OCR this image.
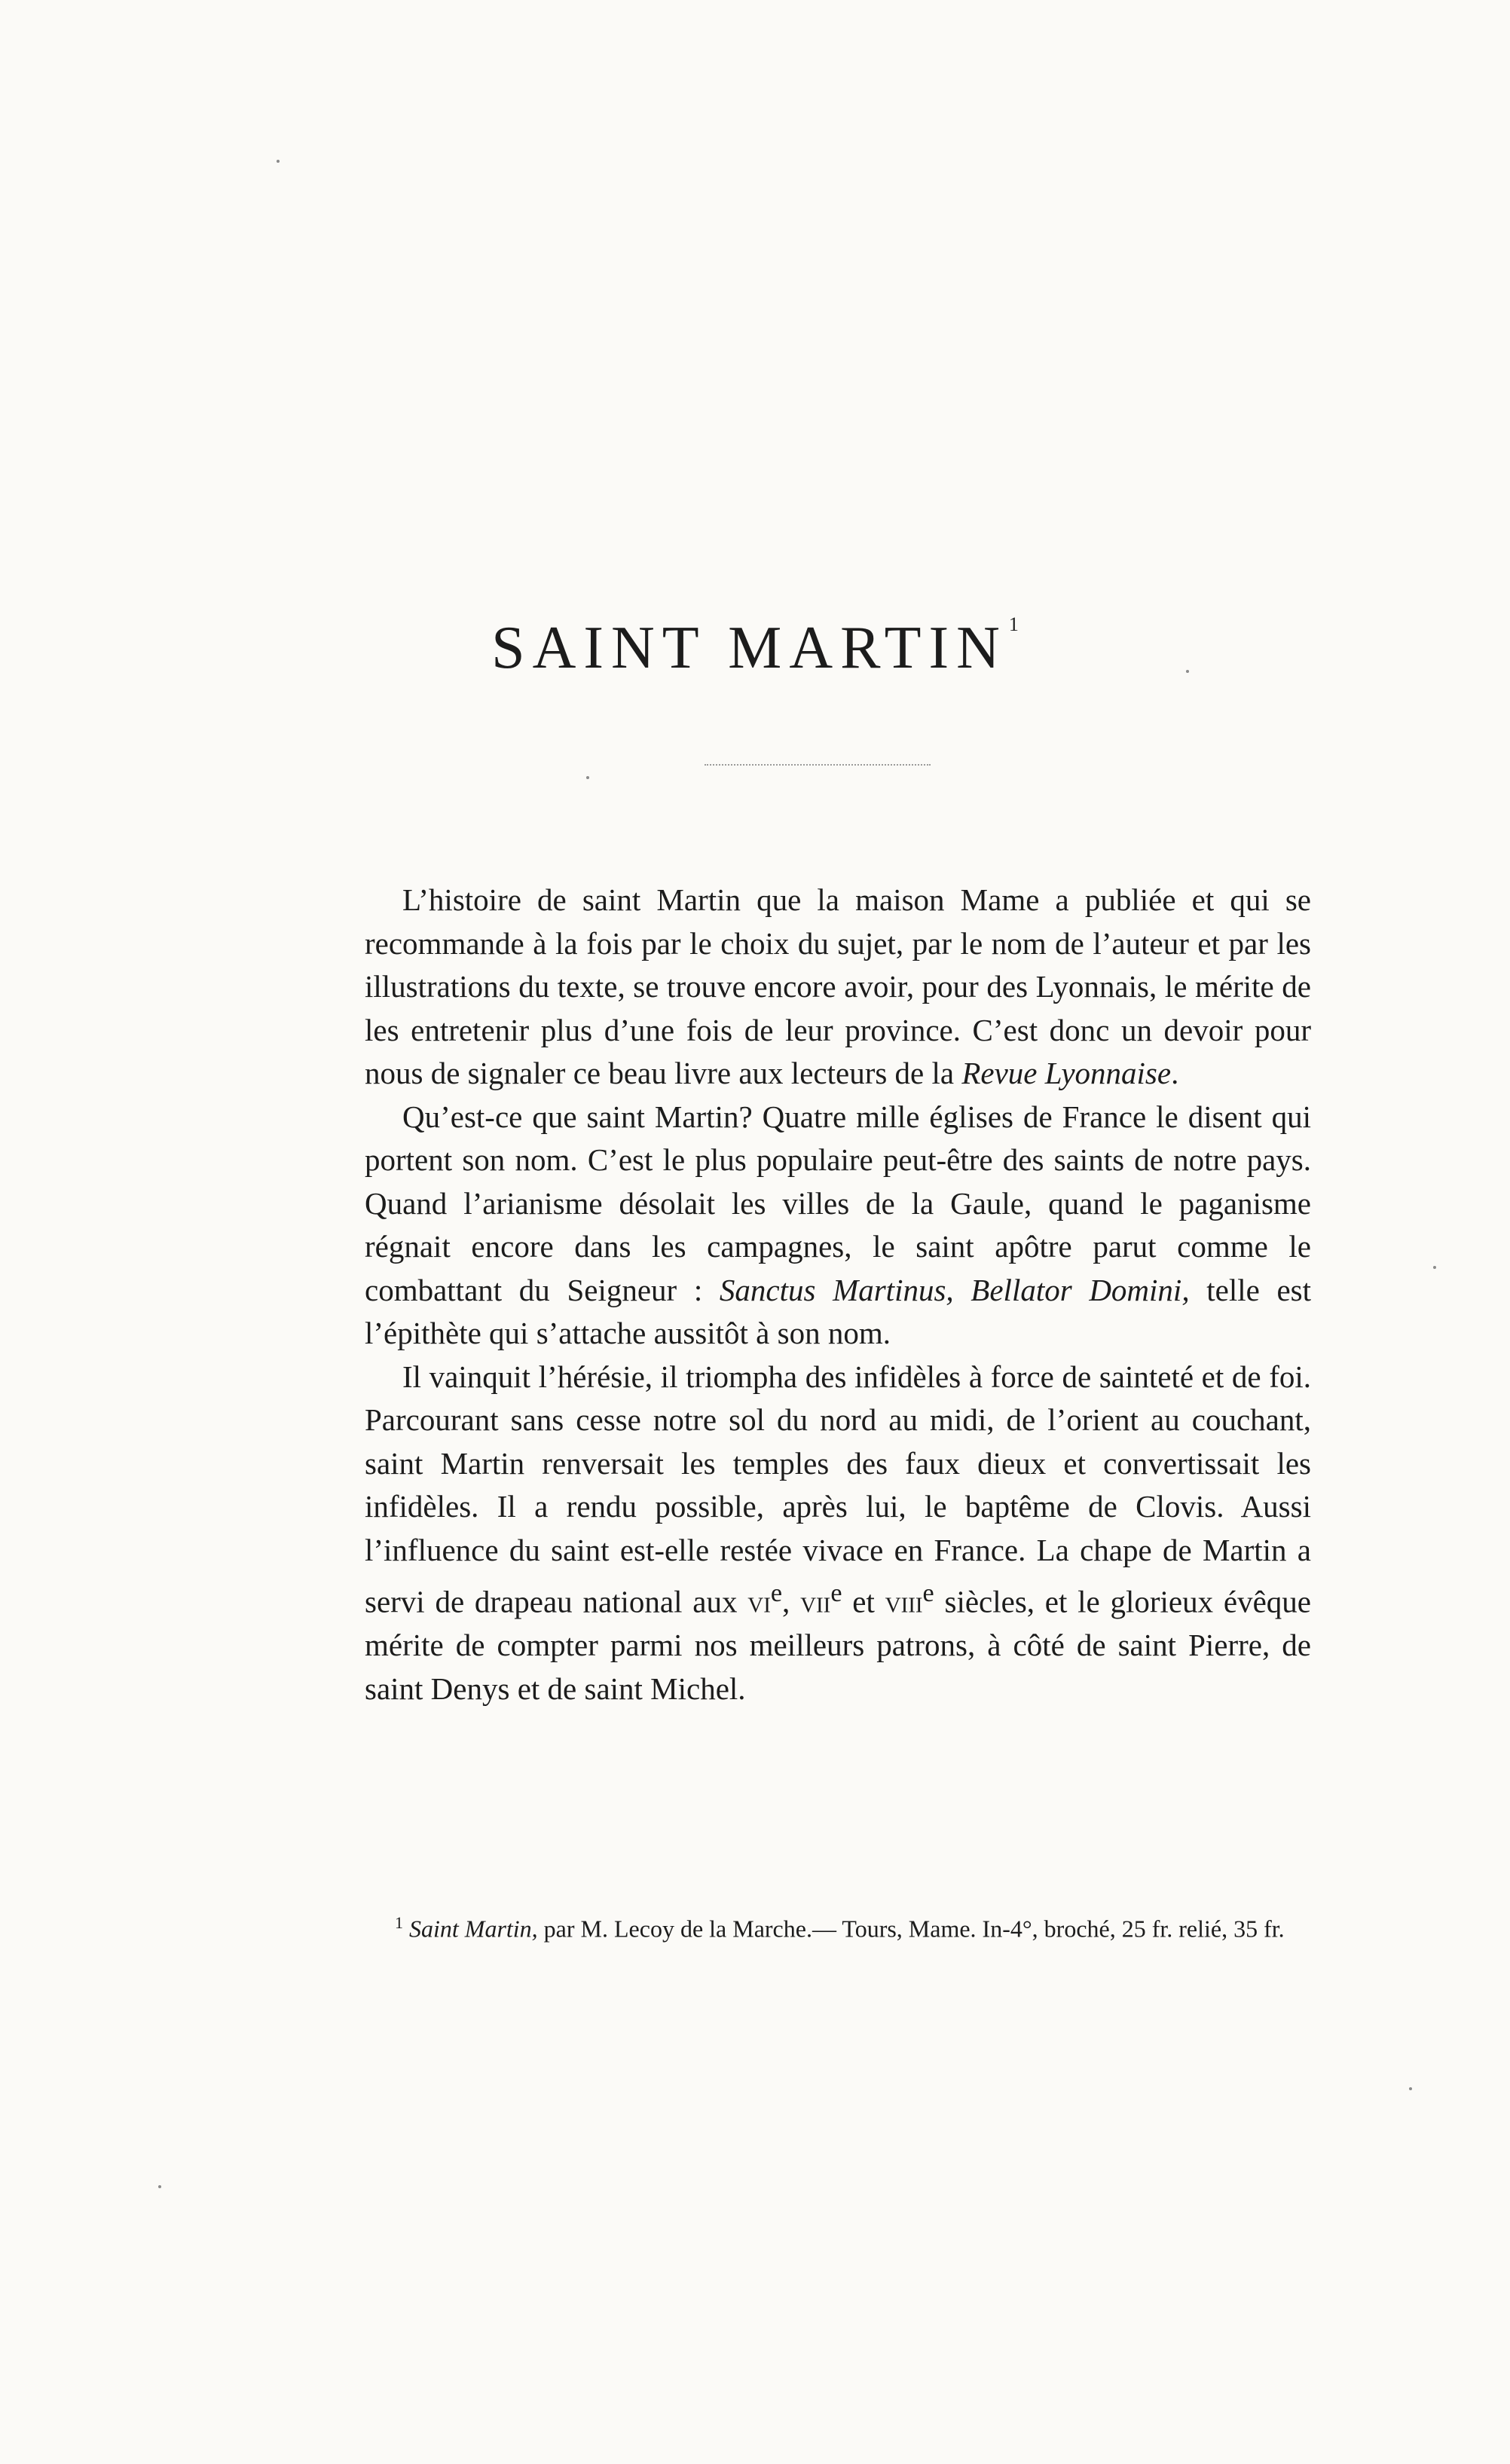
SAINT MARTIN$^1$

L’histoire de saint Martin que la maison Mame a publiée et qui se recommande à la fois par le choix du sujet, par le nom de l’auteur et par les illustrations du texte, se trouve encore avoir, pour des Lyonnais, le mérite de les entretenir plus d’une fois de leur province. C’est donc un devoir pour nous de signaler ce beau livre aux lecteurs de la Revue Lyonnaise.

Qu’est-ce que saint Martin? Quatre mille églises de France le disent qui portent son nom. C’est le plus populaire peut-être des saints de notre pays. Quand l’arianisme désolait les villes de la Gaule, quand le paganisme régnait encore dans les campagnes, le saint apôtre parut comme le combattant du Seigneur : Sanctus Martinus, Bellator Domini, telle est l’épithète qui s’attache aussitôt à son nom.

Il vainquit l’hérésie, il triompha des infidèles à force de sainteté et de foi. Parcourant sans cesse notre sol du nord au midi, de l’orient au couchant, saint Martin renversait les temples des faux dieux et convertissait les infidèles. Il a rendu possible, après lui, le baptême de Clovis. Aussi l’influence du saint est-elle restée vivace en France. La chape de Martin a servi de drapeau national aux $vi^e$, vii$^e$ et viii$^e$ siècles, et le glorieux évêque mérite de compter parmi nos meilleurs patrons, à côté de saint Pierre, de saint Denys et de saint Michel.

$^1$ Saint Martin, par M. Lecoy de la Marche.— Tours, Mame. In-4°, broché, 25 fr. relié, 35 fr.
